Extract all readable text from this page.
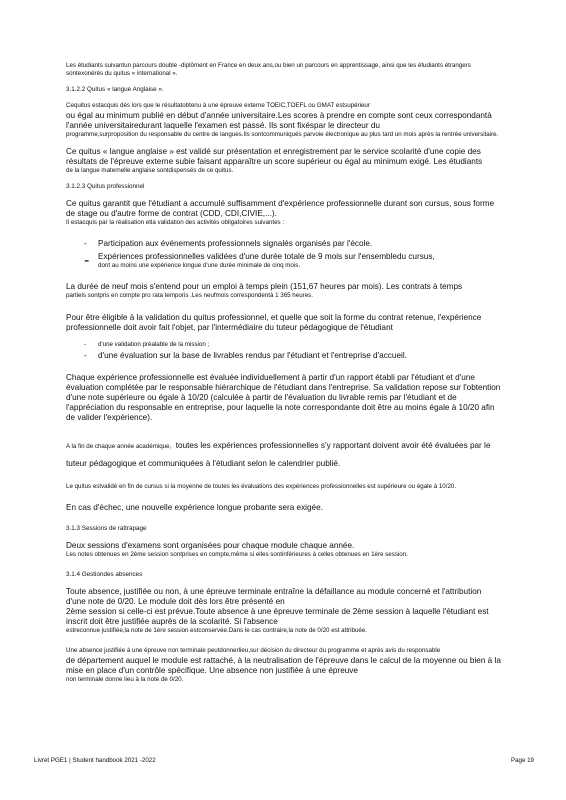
Les étudiants suivantun parcours double -diplôment en France en deux ans,ou bien un parcours en apprentissage, ainsi que les étudiants étrangers sontexonérés du quitus « international ».

3.1.2.2 Quitus « langue Anglaise ».

Cequitus estacquis dès lors que le résultatobtenu à une épreuve externe TOEIC,TOEFL ou GMAT estsupérieur

ou égal au minimum publié en début d'année universitaire.Les scores à prendre en compte sont ceux correspondantà l'année universitairedurant laquelle l'examen est passé. Ils sont fixéspar le directeur du

programme,surproposition du responsable du centre de langues.Ils sontcommuniqués parvoie électronique au plus tard un mois après la rentrée universitaire.

Ce quitus « langue anglaise » est validé sur présentation et enregistrement par le service scolarité d'une copie des résultats de l'épreuve externe subie faisant apparaître un score supérieur ou égal au minimum exigé. Les étudiants

de la langue maternelle anglaise sontdispensés de ce quitus.

3.1.2.3 Quitus professionnel

Ce quitus garantit que l'étudiant a accumulé suffisamment d'expérience professionnelle durant son cursus, sous forme de stage ou d'autre forme de contrat (CDD, CDI,CIVIE,...).

Il estacquis par la réalisation etla validation des activités obligatoires suivantes :

- Participation aux événements professionnels signalés organisés par l'école.

- Expériences professionnelles validées d'une durée totale de 9 mois sur l'ensembledu cursus,

dont au moins une expérience longue d'une durée minimale de cinq mois.

La durée de neuf mois s'entend pour un emploi à temps plein (151,67 heures par mois). Les contrats à temps

partiels sontpris en compte pro rata temporis .Les neufmois correspondentà 1 365 heures.

Pour être éligible à la validation du quitus professionnel, et quelle que soit la forme du contrat retenue, l'expérience professionnelle doit avoir fait l'objet, par l'intermédiaire du tuteur pédagogique de l'étudiant

- d'une validation préalable de la mission ;
- d'une évaluation sur la base de livrables rendus par l'étudiant et l'entreprise d'accueil.

Chaque expérience professionnelle est évaluée individuellement à partir d'un rapport établi par l'étudiant et d'une évaluation complétée par le responsable hiérarchique de l'étudiant dans l'entreprise. Sa validation repose sur l'obtention d'une note supérieure ou égale à 10/20 (calculée à partir de l'évaluation du livrable remis par l'étudiant et de l'appréciation du responsable en entreprise, pour laquelle la note correspondante doit être au moins égale à 10/20 afin de valider l'expérience).

A la fin de chaque année académique, toutes les expériences professionnelles s'y rapportant doivent avoir été évaluées par le tuteur pédagogique et communiquées à l'étudiant selon le calendrier publié.

Le quitus estvalidé en fin de cursus si la moyenne de toutes les évaluations des expériences professionnelles est supérieure ou égale à 10/20.

En cas d'échec, une nouvelle expérience longue probante sera exigée.

3.1.3 Sessions de rattrapage

Deux sessions d'examens sont organisées pour chaque module chaque année.

Les notes obtenues en 2ème session sontprises en compte,même si elles sontinférieures à celles obtenues en 1ère session.

3.1.4 Gestiondes absences

Toute absence, justifiée ou non, à une épreuve terminale entraîne la défaillance au module concerné et l'attribution d'une note de 0/20. Le module doit dès lors être présenté en

2ème session si celle-ci est prévue.Toute absence à une épreuve terminale de 2ème session à laquelle l'étudiant est inscrit doit être justifiée auprès de la scolarité. Si l'absence

estreconnue justifiée,la note de 1ère session estconservée.Dans le cas contraire,la note de 0/20 est attribuée.

Une absence justifiée à une épreuve non terminale peutdonnerlieu,sur décision du directeur du programme et après avis du responsable

de département auquel le module est rattaché, à la neutralisation de l'épreuve dans le calcul de la moyenne ou bien à la mise en place d'un contrôle spécifique. Une absence non justifiée à une épreuve

non terminale donne lieu à la note de 0/20.

Livret PGE1 | Student handbook 2021 -2022	Page 19
